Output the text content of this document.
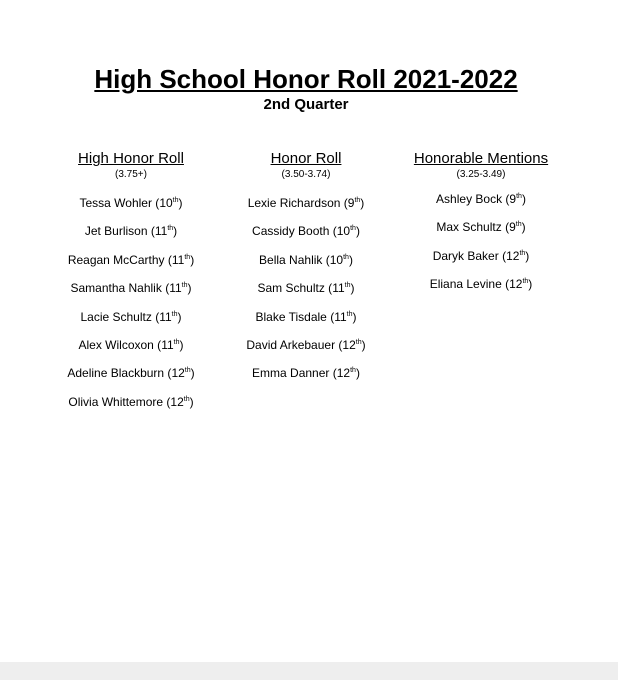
High School Honor Roll 2021-2022
2nd Quarter
High Honor Roll
(3.75+)
Tessa Wohler (10th)
Jet Burlison (11th)
Reagan McCarthy (11th)
Samantha Nahlik (11th)
Lacie Schultz (11th)
Alex Wilcoxon (11th)
Adeline Blackburn (12th)
Olivia Whittemore (12th)
Honor Roll
(3.50-3.74)
Lexie Richardson (9th)
Cassidy Booth (10th)
Bella Nahlik (10th)
Sam Schultz (11th)
Blake Tisdale (11th)
David Arkebauer (12th)
Emma Danner (12th)
Honorable Mentions
(3.25-3.49)
Ashley Bock (9th)
Max Schultz (9th)
Daryk Baker (12th)
Eliana Levine (12th)
